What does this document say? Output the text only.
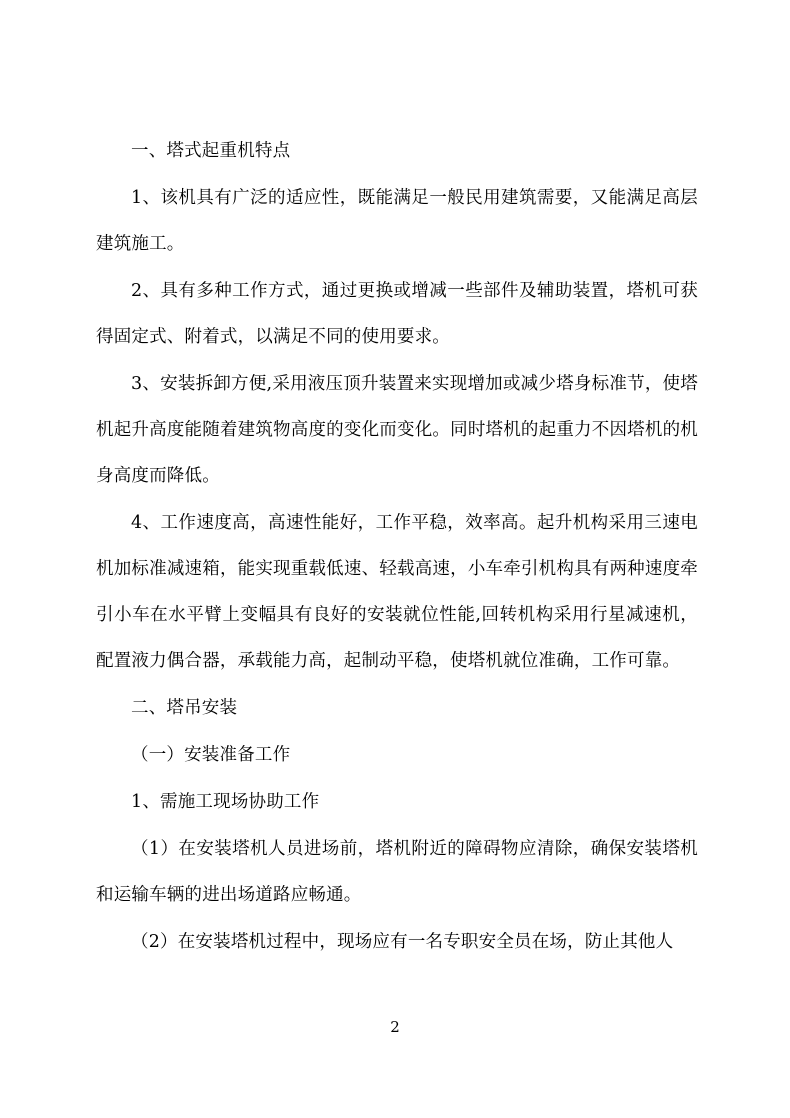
一、塔式起重机特点

1、该机具有广泛的适应性，既能满足一般民用建筑需要，又能满足高层建筑施工。

2、具有多种工作方式，通过更换或增减一些部件及辅助装置，塔机可获得固定式、附着式，以满足不同的使用要求。

3、安装拆卸方便,采用液压顶升装置来实现增加或减少塔身标准节，使塔机起升高度能随着建筑物高度的变化而变化。同时塔机的起重力不因塔机的机身高度而降低。

4、工作速度高，高速性能好，工作平稳，效率高。起升机构采用三速电机加标准减速箱，能实现重载低速、轻载高速，小车牵引机构具有两种速度牵引小车在水平臂上变幅具有良好的安装就位性能,回转机构采用行星减速机，配置液力偶合器，承载能力高，起制动平稳，使塔机就位准确，工作可靠。

二、塔吊安装

（一）安装准备工作

1、需施工现场协助工作

（1）在安装塔机人员进场前，塔机附近的障碍物应清除，确保安装塔机和运输车辆的进出场道路应畅通。

（2）在安装塔机过程中，现场应有一名专职安全员在场，防止其他人

2
